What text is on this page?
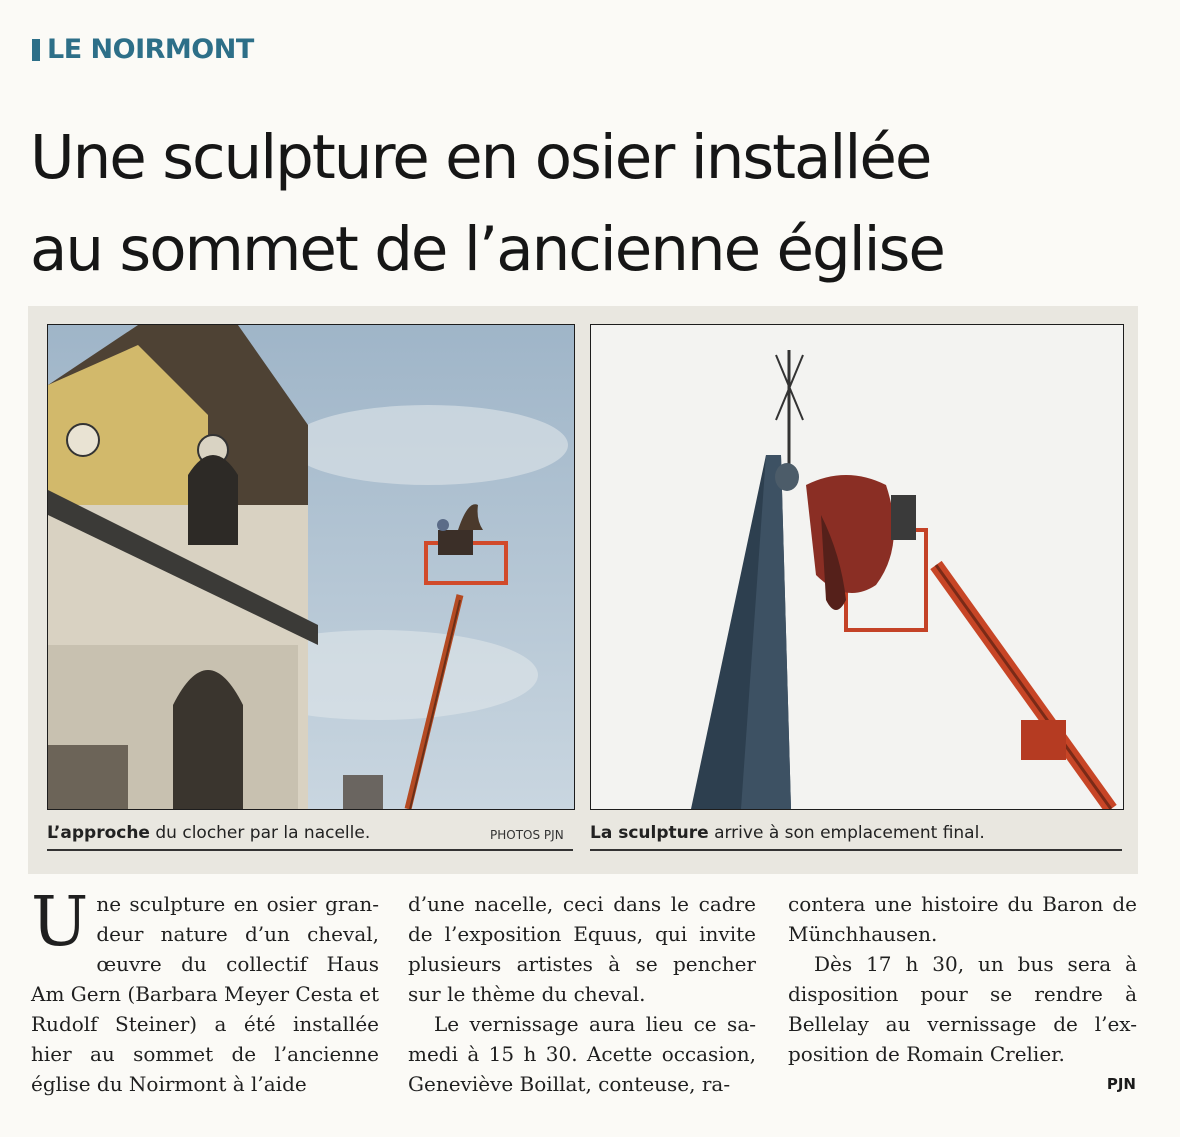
LE NOIRMONT
Une sculpture en osier installée
au sommet de l’ancienne église
L’approche du clocher par la nacelle.	PHOTOS PJN La sculpture arrive à son emplacement final.

Une sculpture en osier gran-deur nature d’un cheval, œuvre du collectif Haus Am Gern (Barbara Meyer Cesta et Rudolf Steiner) a été installée hier au sommet de l’ancienne église du Noirmont à l’aide

d’une nacelle, ceci dans le cadre de l’exposition Equus, qui invite plusieurs artistes à se pencher sur le thème du cheval.

Le vernissage aura lieu ce sa-medi à 15 h 30. Acette occasion, Geneviève Boillat, conteuse, ra-

contera une histoire du Baron de Münchhausen.

Dès 17 h 30, un bus sera à disposition pour se rendre à Bellelay au vernissage de l’ex-position de Romain Crelier.

PJN
